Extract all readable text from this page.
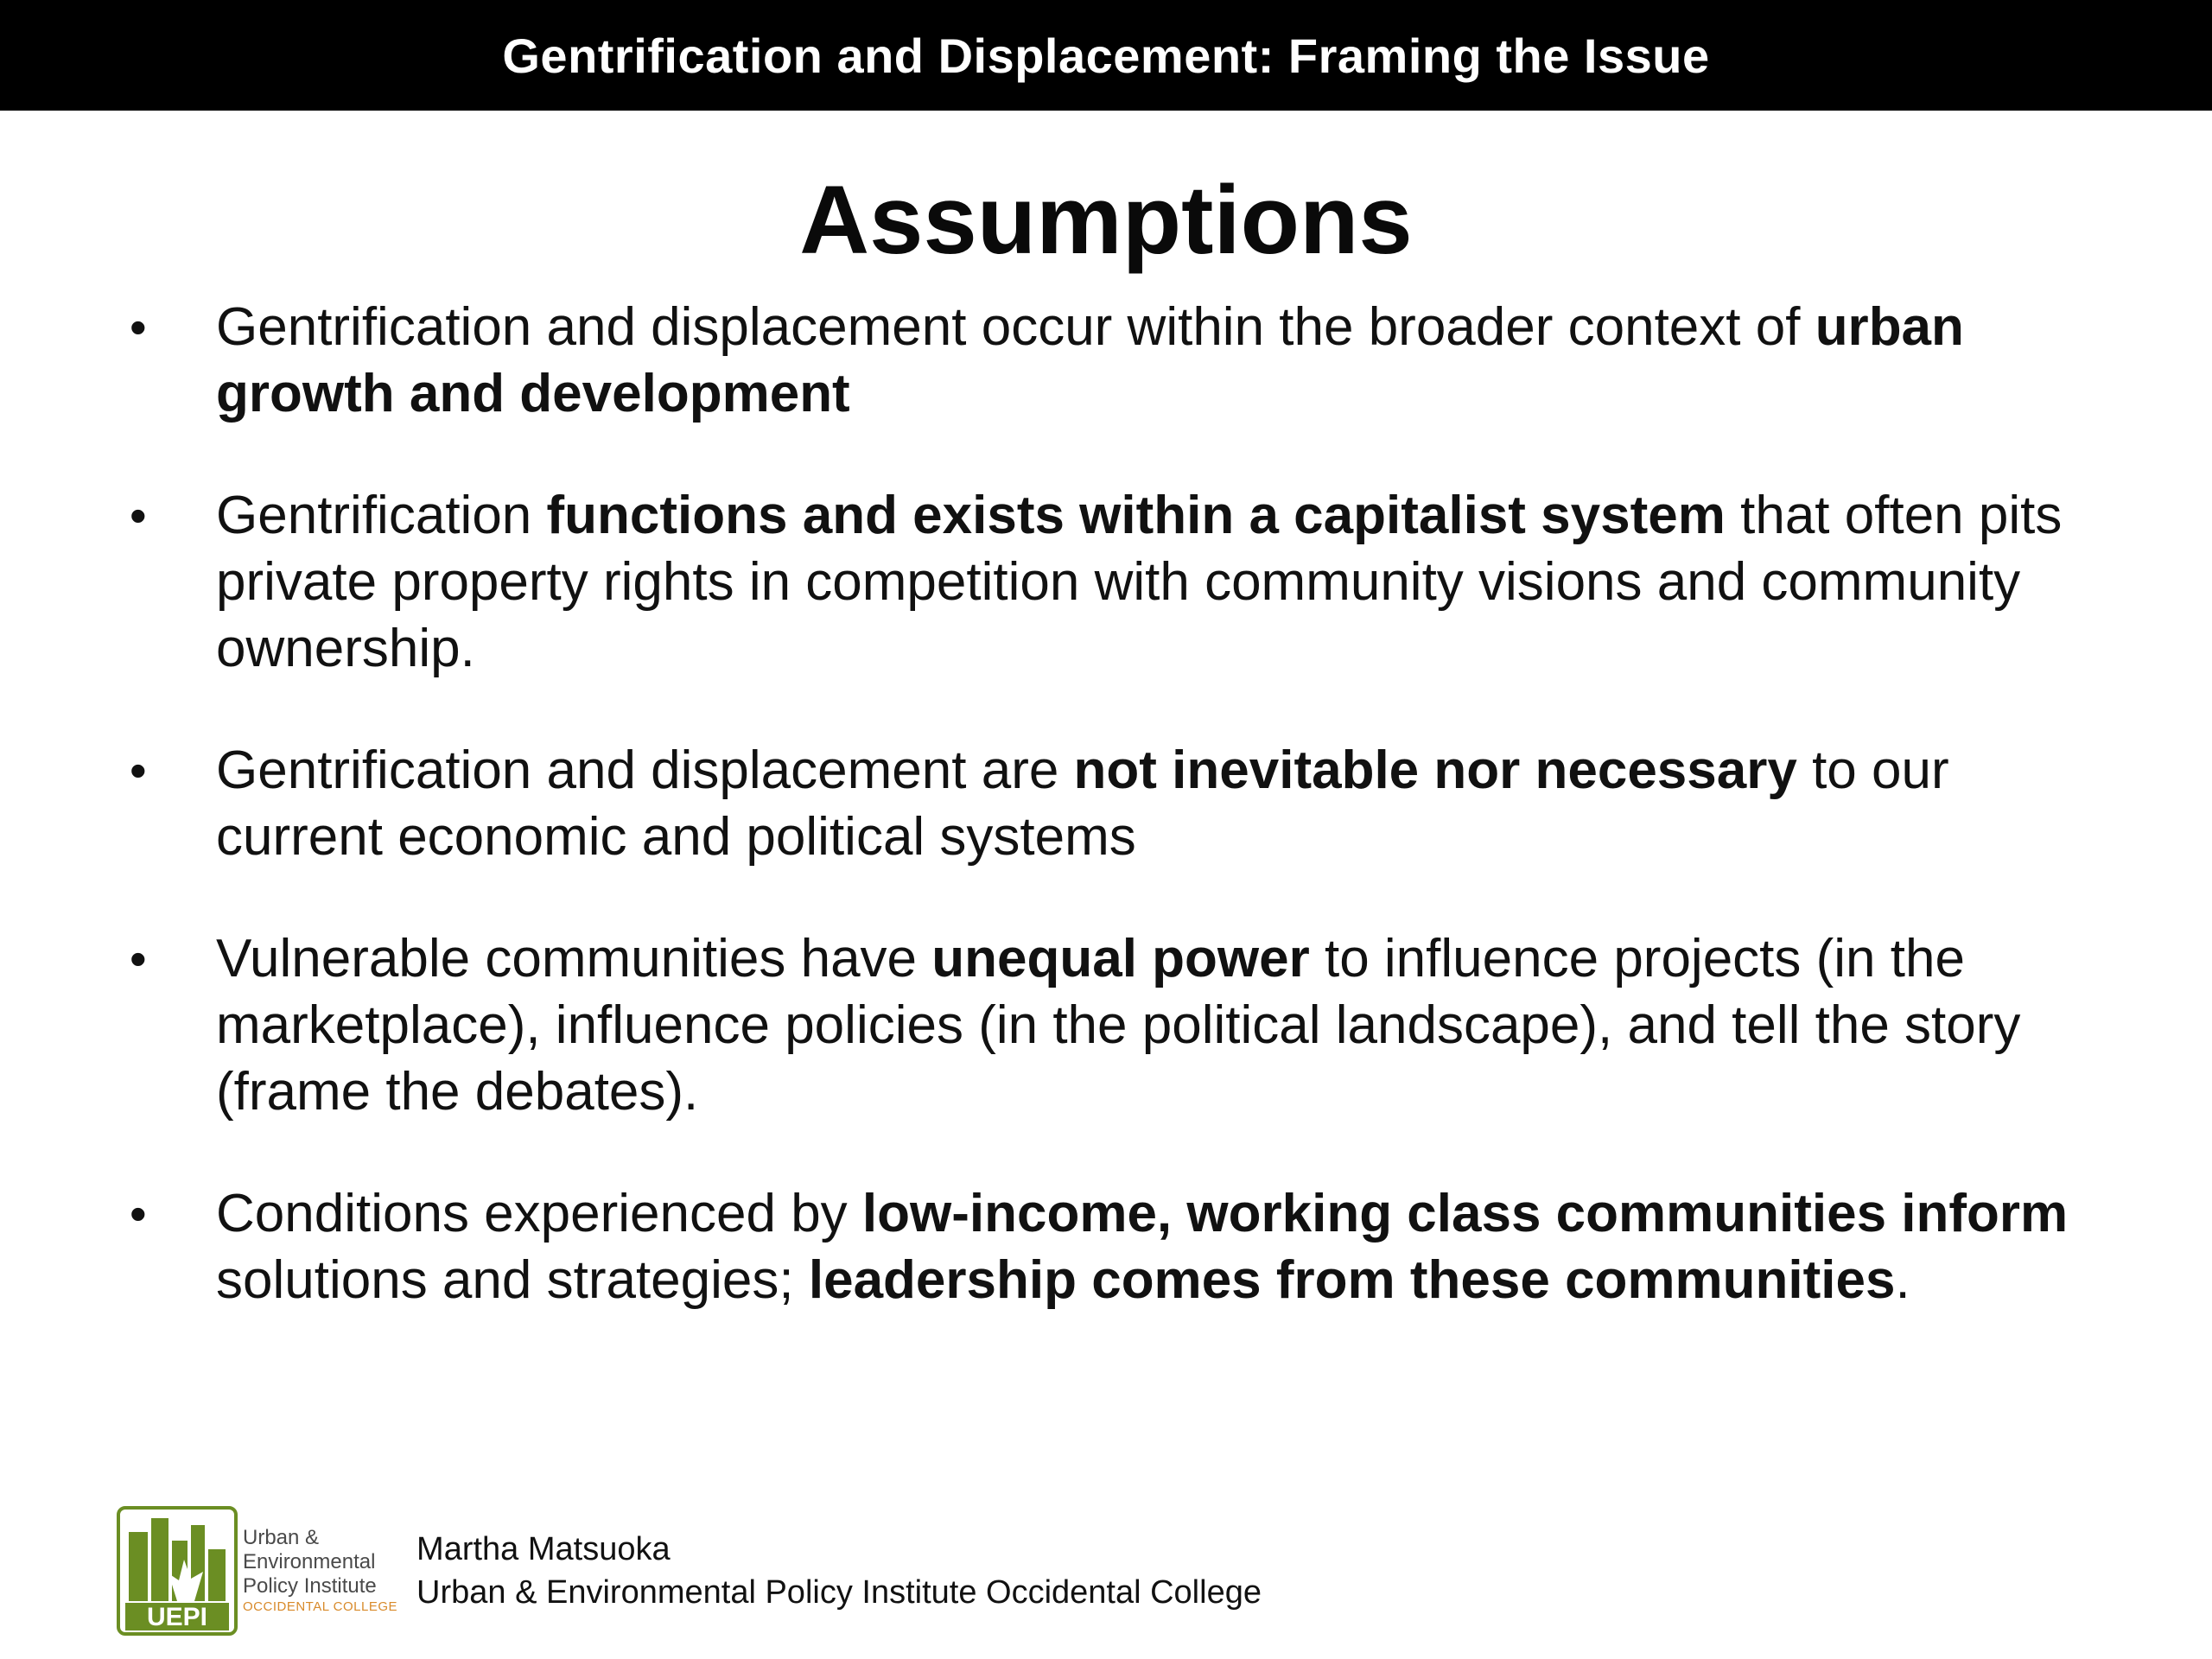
Gentrification and Displacement: Framing the Issue
Assumptions
• Gentrification and displacement occur within the broader context of urban growth and development
• Gentrification functions and exists within a capitalist system that often pits private property rights in competition with community visions and community ownership.
• Gentrification and displacement are not inevitable nor necessary to our current economic and political systems
• Vulnerable communities have unequal power to influence projects (in the marketplace), influence policies (in the political landscape), and tell the story (frame the debates).
• Conditions experienced by low-income, working class communities inform solutions and strategies; leadership comes from these communities.
UEPI
Urban &
Environmental
Policy Institute
OCCIDENTAL COLLEGE
Martha Matsuoka
Urban & Environmental Policy Institute Occidental College
